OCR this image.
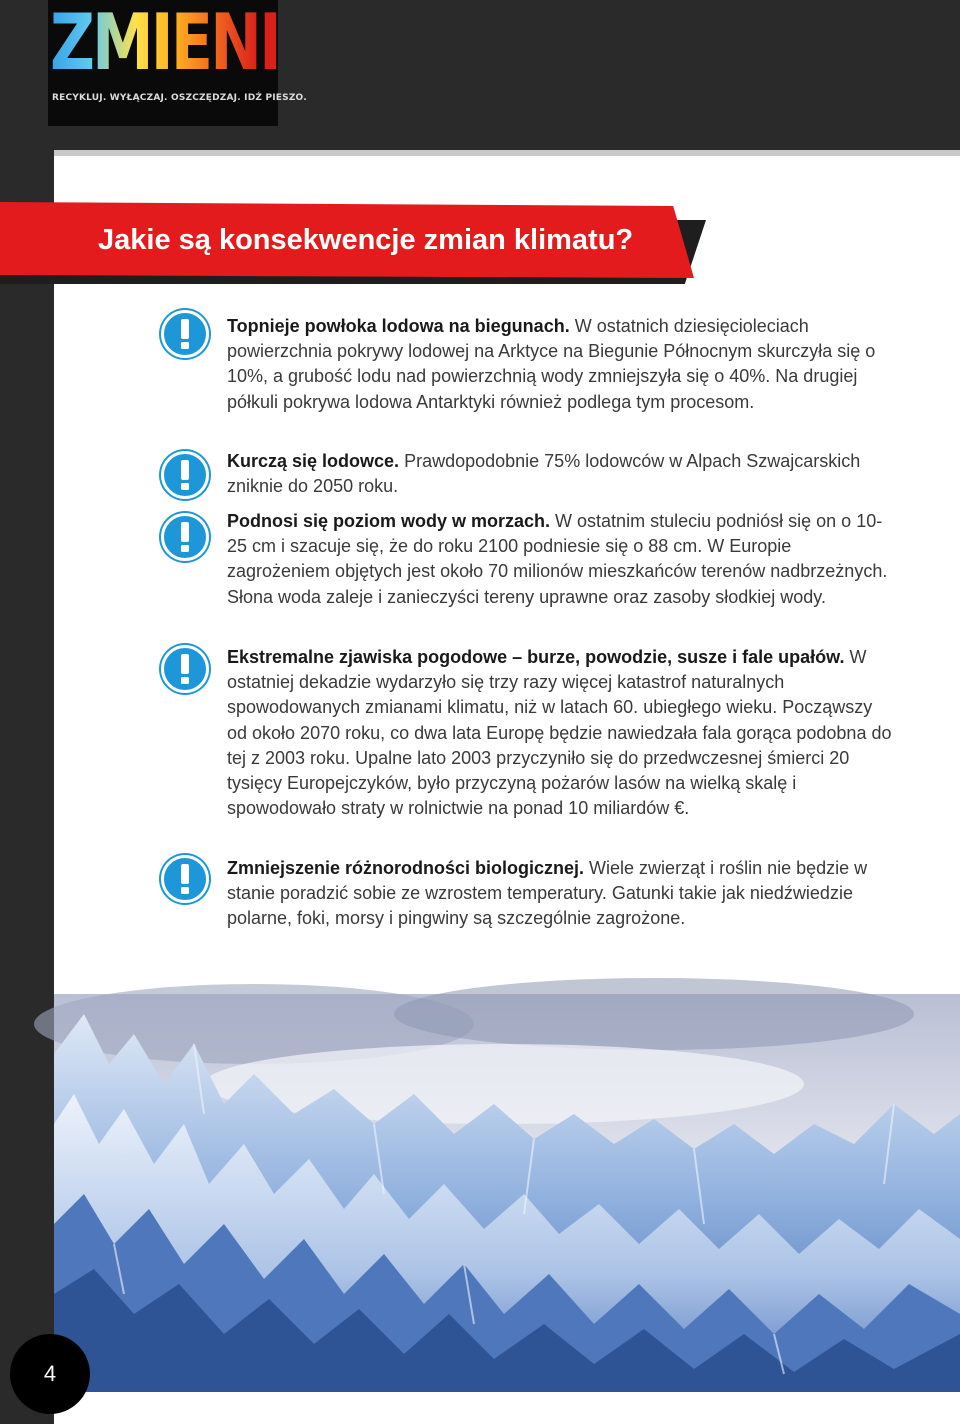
ZMIENIAJ
RECYKLUJ. WYŁĄCZAJ. OSZCZĘDZAJ. IDŹ PIESZO.
Jakie są konsekwencje zmian klimatu?

Topnieje powłoka lodowa na biegunach. W ostatnich dziesięcioleciach powierzchnia pokrywy lodowej na Arktyce na Biegunie Północnym skurczyła się o 10%, a grubość lodu nad powierzchnią wody zmniejszyła się o 40%. Na drugiej półkuli pokrywa lodowa Antarktyki również podlega tym procesom.

Kurczą się lodowce. Prawdopodobnie 75% lodowców w Alpach Szwajcarskich zniknie do 2050 roku.

Podnosi się poziom wody w morzach. W ostatnim stuleciu podniósł się on o 10-25 cm i szacuje się, że do roku 2100 podniesie się o 88 cm. W Europie zagrożeniem objętych jest około 70 milionów mieszkańców terenów nadbrzeżnych. Słona woda zaleje i zanieczyści tereny uprawne oraz zasoby słodkiej wody.

Ekstremalne zjawiska pogodowe – burze, powodzie, susze i fale upałów. W ostatniej dekadzie wydarzyło się trzy razy więcej katastrof naturalnych spowodowanych zmianami klimatu, niż w latach 60. ubiegłego wieku. Począwszy od około 2070 roku, co dwa lata Europę będzie nawiedzała fala gorąca podobna do tej z 2003 roku. Upalne lato 2003 przyczyniło się do przedwczesnej śmierci 20 tysięcy Europejczyków, było przyczyną pożarów lasów na wielką skalę i spowodowało straty w rolnictwie na ponad 10 miliardów €.

Zmniejszenie różnorodności biologicznej. Wiele zwierząt i roślin nie będzie w stanie poradzić sobie ze wzrostem temperatury. Gatunki takie jak niedźwiedzie polarne, foki, morsy i pingwiny są szczególnie zagrożone.

4
